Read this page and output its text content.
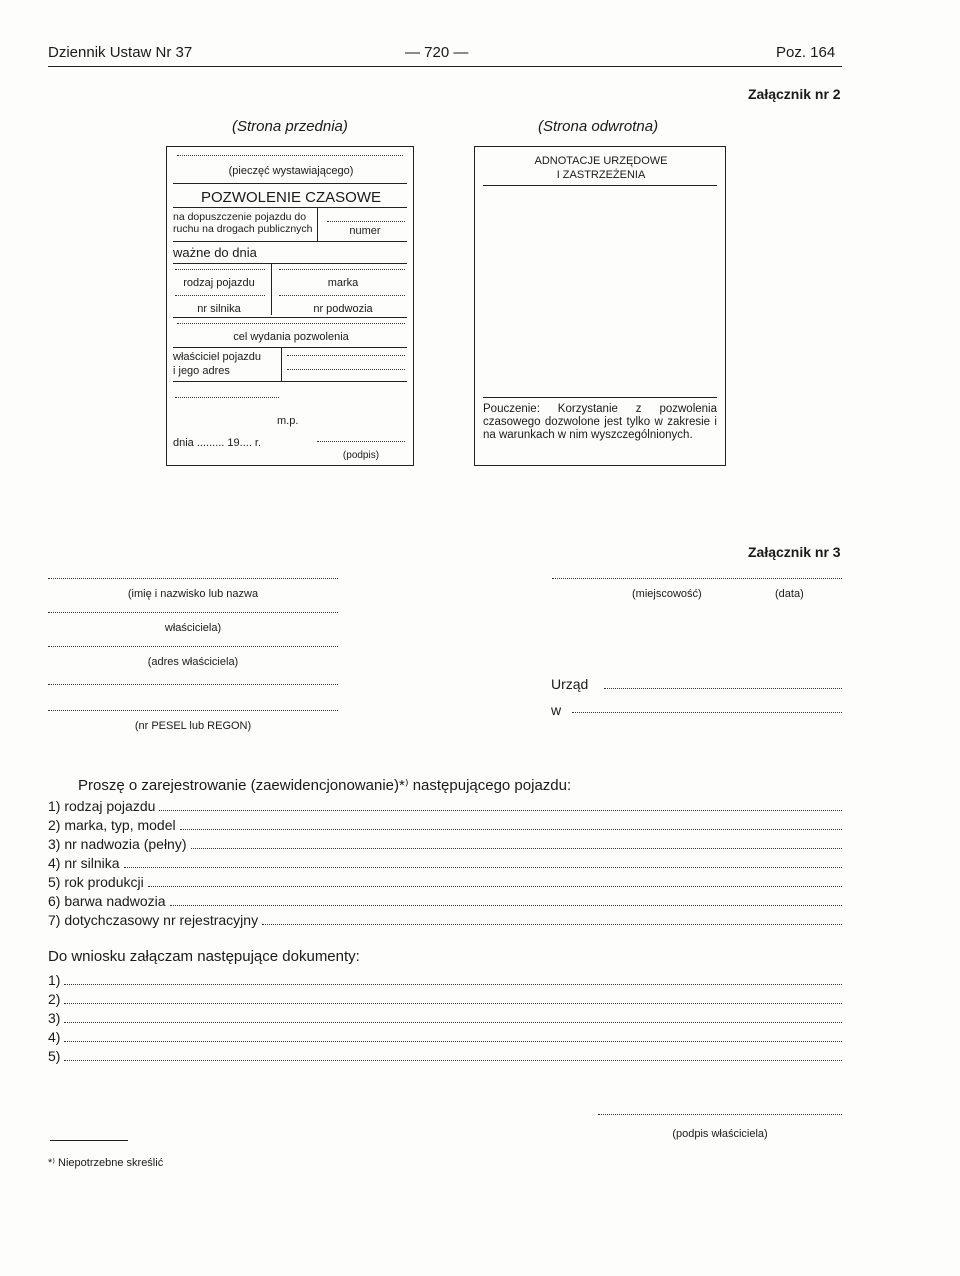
Dziennik Ustaw Nr 37	— 720 —	Poz. 164
Załącznik nr 2
(Strona przednia)	(Strona odwrotna)
(pieczęć wystawiającego)
POZWOLENIE CZASOWE
na dopuszczenie pojazdu do ruchu na drogach publicznych	numer
ważne do dnia
rodzaj pojazdu	marka
nr silnika	nr podwozia
cel wydania pozwolenia
właściciel pojazdu
i jego adres
m.p.
dnia ......... 19.... r.
(podpis)
ADNOTACJE URZĘDOWE
I ZASTRZEŻENIA
Pouczenie: Korzystanie z pozwolenia czasowego dozwolone jest tylko w zakresie i na warunkach w nim wyszczególnionych.
Załącznik nr 3
(imię i nazwisko lub nazwa
właściciela)
(adres właściciela)
(nr PESEL lub REGON)
(miejscowość)	(data)
Urząd
w
Proszę o zarejestrowanie (zaewidencjonowanie)*⁾ następującego pojazdu:
1) rodzaj pojazdu
2) marka, typ, model
3) nr nadwozia (pełny)
4) nr silnika
5) rok produkcji
6) barwa nadwozia
7) dotychczasowy nr rejestracyjny
Do wniosku załączam następujące dokumenty:
1)
2)
3)
4)
5)
(podpis właściciela)
*⁾ Niepotrzebne skreślić
